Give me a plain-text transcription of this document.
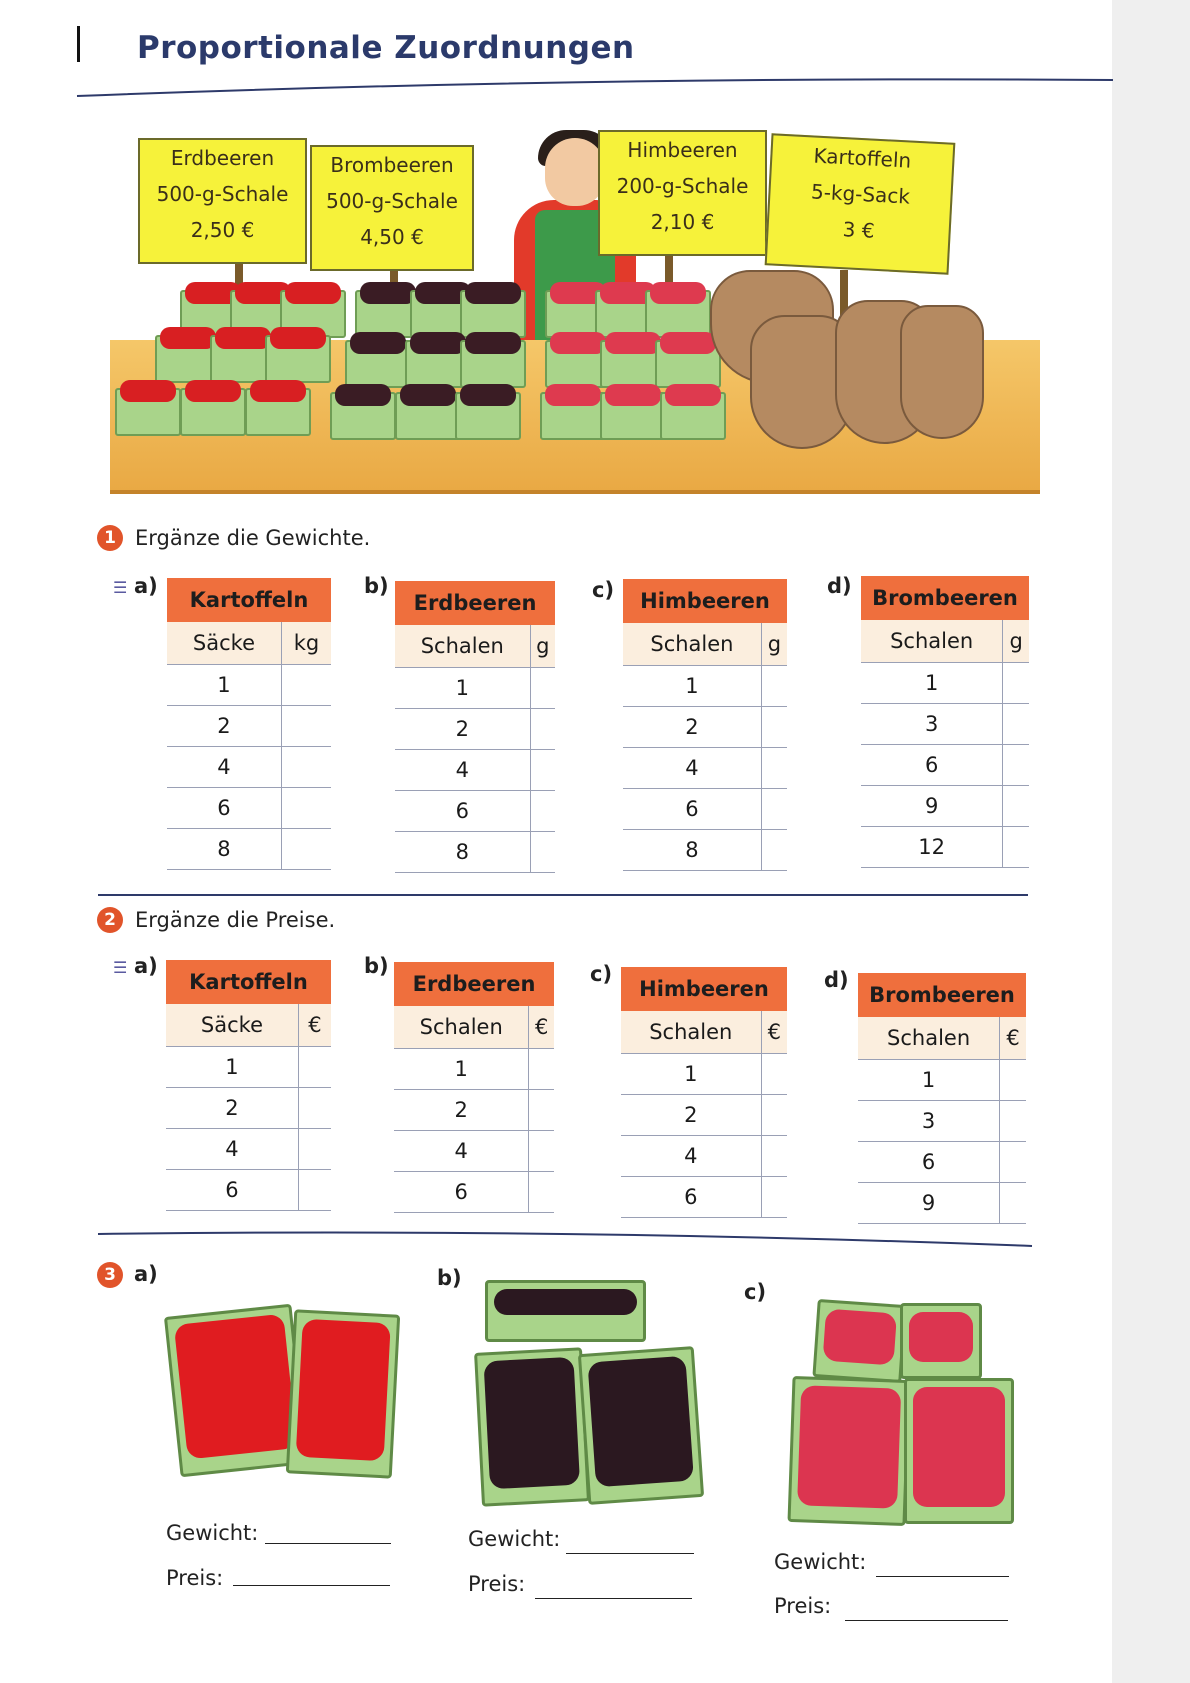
Proportionale Zuordnungen
Erdbeeren
500-g-Schale
2,50 €
Brombeeren
500-g-Schale
4,50 €
Himbeeren
200-g-Schale
2,10 €
Kartoffeln
5-kg-Sack
3 €
1 Ergänze die Gewichte.
☰ a)	b)	c)	d)
Kartoffeln	
Säcke	kg
1	
2	
4	
6	
8	
Erdbeeren	
Schalen	g
1	
2	
4	
6	
8	
Himbeeren	
Schalen	g
1	
2	
4	
6	
8	
Brombeeren	
Schalen	g
1	
3	
6	
9	
12	
2 Ergänze die Preise.
☰ a)	b)	c)	d)
Kartoffeln	
Säcke	€
1	
2	
4	
6	
Erdbeeren	
Schalen	€
1	
2	
4	
6	
Himbeeren	
Schalen	€
1	
2	
4	
6	
Brombeeren	
Schalen	€
1	
3	
6	
9	
3 a)	b)
c)
Gewicht:
Preis:
Gewicht:
Preis:
Gewicht:
Preis:
